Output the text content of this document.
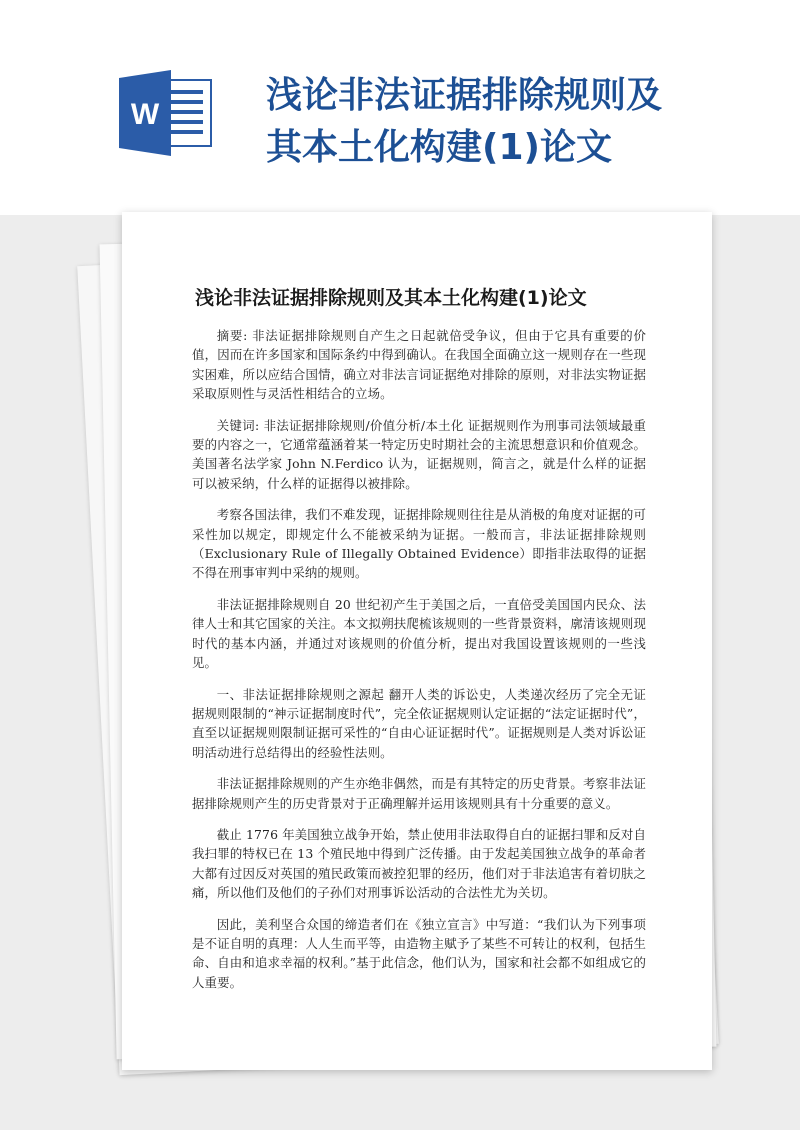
W	浅论非法证据排除规则及其本土化构建(1)论文
浅论非法证据排除规则及其本土化构建(1)论文

摘要: 非法证据排除规则自产生之日起就倍受争议，但由于它具有重要的价值，因而在许多国家和国际条约中得到确认。在我国全面确立这一规则存在一些现实困难，所以应结合国情，确立对非法言词证据绝对排除的原则，对非法实物证据采取原则性与灵活性相结合的立场。

关键词: 非法证据排除规则/价值分析/本土化 证据规则作为刑事司法领域最重要的内容之一，它通常蕴涵着某一特定历史时期社会的主流思想意识和价值观念。美国著名法学家 John N.Ferdico 认为，证据规则，简言之，就是什么样的证据可以被采纳，什么样的证据得以被排除。

考察各国法律，我们不难发现，证据排除规则往往是从消极的角度对证据的可采性加以规定，即规定什么不能被采纳为证据。一般而言，非法证据排除规则（Exclusionary Rule of Illegally Obtained Evidence）即指非法取得的证据不得在刑事审判中采纳的规则。

非法证据排除规则自 20 世纪初产生于美国之后，一直倍受美国国内民众、法律人士和其它国家的关注。本文拟朔扶爬梳该规则的一些背景资料，廓清该规则现时代的基本内涵，并通过对该规则的价值分析，提出对我国设置该规则的一些浅见。

一、非法证据排除规则之源起 翻开人类的诉讼史，人类递次经历了完全无证据规则限制的“神示证据制度时代”，完全依证据规则认定证据的“法定证据时代”，直至以证据规则限制证据可采性的“自由心证证据时代”。证据规则是人类对诉讼证明活动进行总结得出的经验性法则。

非法证据排除规则的产生亦绝非偶然，而是有其特定的历史背景。考察非法证据排除规则产生的历史背景对于正确理解并运用该规则具有十分重要的意义。

截止 1776 年美国独立战争开始，禁止使用非法取得自白的证据扫罪和反对自我扫罪的特权已在 13 个殖民地中得到广泛传播。由于发起美国独立战争的革命者大都有过因反对英国的殖民政策而被控犯罪的经历，他们对于非法追害有着切肤之痛，所以他们及他们的子孙们对刑事诉讼活动的合法性尤为关切。

因此，美利坚合众国的缔造者们在《独立宣言》中写道：“我们认为下列事项是不证自明的真理：人人生而平等，由造物主赋予了某些不可转让的权利，包括生命、自由和追求幸福的权利。”基于此信念，他们认为，国家和社会都不如组成它的人重要。
